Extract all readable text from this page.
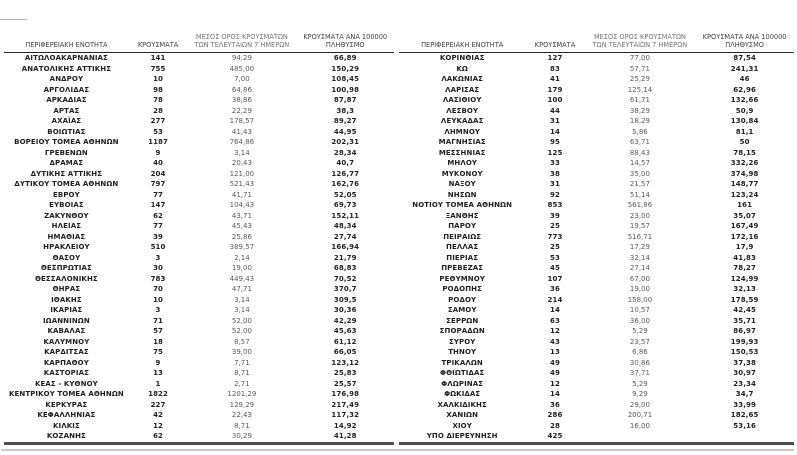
ΠΕΡΙΦΕΡΕΙΑΚΗ ΕΝΟΤΗΤΑ	ΚΡΟΥΣΜΑΤΑ	
ΜΕΣΟΣ ΟΡΟΣ ΚΡΟΥΣΜΑΤΩΝ
ΤΩΝ ΤΕΛΕΥΤΑΙΩΝ 7 ΗΜΕΡΩΝ

ΚΡΟΥΣΜΑΤΑ ΑΝΑ 100000
ΠΛΗΘΥΣΜΟ

ΑΙΤΩΛΟΑΚΑΡΝΑΝΙΑΣ	141	94,29	66,89
ΑΝΑΤΟΛΙΚΗΣ ΑΤΤΙΚΗΣ	755	485,00	150,29
ΑΝΔΡΟΥ	10	7,00	108,45
ΑΡΓΟΛΙΔΑΣ	98	64,86	100,98
ΑΡΚΑΔΙΑΣ	78	38,86	87,87
ΑΡΤΑΣ	28	22,29	38,3
ΑΧΑΪΑΣ	277	178,57	89,27
ΒΟΙΩΤΙΑΣ	53	41,43	44,95
ΒΟΡΕΙΟΥ ΤΟΜΕΑ ΑΘΗΝΩΝ	1187	764,86	202,31
ΓΡΕΒΕΝΩΝ	9	3,14	28,34
ΔΡΑΜΑΣ	40	20,43	40,7
ΔΥΤΙΚΗΣ ΑΤΤΙΚΗΣ	204	121,00	126,77
ΔΥΤΙΚΟΥ ΤΟΜΕΑ ΑΘΗΝΩΝ	797	521,43	162,76
ΕΒΡΟΥ	77	41,71	52,05
ΕΥΒΟΙΑΣ	147	104,43	69,73
ΖΑΚΥΝΘΟΥ	62	43,71	152,11
ΗΛΕΙΑΣ	77	45,43	48,34
ΗΜΑΘΙΑΣ	39	25,86	27,74
ΗΡΑΚΛΕΙΟΥ	510	389,57	166,94
ΘΑΣΟΥ	3	2,14	21,79
ΘΕΣΠΡΩΤΙΑΣ	30	19,00	68,83
ΘΕΣΣΑΛΟΝΙΚΗΣ	783	449,43	70,52
ΘΗΡΑΣ	70	47,71	370,7
ΙΘΑΚΗΣ	10	3,14	309,5
ΙΚΑΡΙΑΣ	3	3,14	30,36
ΙΩΑΝΝΙΝΩΝ	71	52,00	42,29
ΚΑΒΑΛΑΣ	57	52,00	45,63
ΚΑΛΥΜΝΟΥ	18	8,57	61,12
ΚΑΡΔΙΤΣΑΣ	75	39,00	66,05
ΚΑΡΠΑΘΟΥ	9	7,71	123,12
ΚΑΣΤΟΡΙΑΣ	13	8,71	25,83
ΚΕΑΣ - ΚΥΘΝΟΥ	1	2,71	25,57
ΚΕΝΤΡΙΚΟΥ ΤΟΜΕΑ ΑΘΗΝΩΝ	1822	1201,29	176,98
ΚΕΡΚΥΡΑΣ	227	129,29	217,49
ΚΕΦΑΛΛΗΝΙΑΣ	42	22,43	117,32
ΚΙΛΚΙΣ	12	8,71	14,92
ΚΟΖΑΝΗΣ	62	30,29	41,28
ΠΕΡΙΦΕΡΕΙΑΚΗ ΕΝΟΤΗΤΑ	ΚΡΟΥΣΜΑΤΑ	
ΜΕΣΟΣ ΟΡΟΣ ΚΡΟΥΣΜΑΤΩΝ
ΤΩΝ ΤΕΛΕΥΤΑΙΩΝ 7 ΗΜΕΡΩΝ

ΚΡΟΥΣΜΑΤΑ ΑΝΑ 100000
ΠΛΗΘΥΣΜΟ

ΚΟΡΙΝΘΙΑΣ	127	77,00	87,54
ΚΩ	83	57,71	241,31
ΛΑΚΩΝΙΑΣ	41	25,29	46
ΛΑΡΙΣΑΣ	179	125,14	62,96
ΛΑΣΙΘΙΟΥ	100	61,71	132,66
ΛΕΣΒΟΥ	44	38,29	50,9
ΛΕΥΚΑΔΑΣ	31	18,29	130,84
ΛΗΜΝΟΥ	14	5,86	81,1
ΜΑΓΝΗΣΙΑΣ	95	63,71	50
ΜΕΣΣΗΝΙΑΣ	125	88,43	78,15
ΜΗΛΟΥ	33	14,57	332,26
ΜΥΚΟΝΟΥ	38	35,00	374,98
ΝΑΞΟΥ	31	21,57	148,77
ΝΗΣΩΝ	92	51,14	123,24
ΝΟΤΙΟΥ ΤΟΜΕΑ ΑΘΗΝΩΝ	853	561,86	161
ΞΑΝΘΗΣ	39	23,00	35,07
ΠΑΡΟΥ	25	19,57	167,49
ΠΕΙΡΑΙΩΣ	773	516,71	172,16
ΠΕΛΛΑΣ	25	17,29	17,9
ΠΙΕΡΙΑΣ	53	32,14	41,83
ΠΡΕΒΕΖΑΣ	45	27,14	78,27
ΡΕΘΥΜΝΟΥ	107	67,00	124,99
ΡΟΔΟΠΗΣ	36	19,00	32,13
ΡΟΔΟΥ	214	158,00	178,59
ΣΑΜΟΥ	14	10,57	42,45
ΣΕΡΡΩΝ	63	36,00	35,71
ΣΠΟΡΑΔΩΝ	12	5,29	86,97
ΣΥΡΟΥ	43	23,57	199,93
ΤΗΝΟΥ	13	6,86	150,53
ΤΡΙΚΑΛΩΝ	49	30,86	37,38
ΦΘΙΩΤΙΔΑΣ	49	37,71	30,97
ΦΛΩΡΙΝΑΣ	12	5,29	23,34
ΦΩΚΙΔΑΣ	14	9,29	34,7
ΧΑΛΚΙΔΙΚΗΣ	36	29,00	33,99
ΧΑΝΙΩΝ	286	200,71	182,65
ΧΙΟΥ	28	16,00	53,16
ΥΠΟ ΔΙΕΡΕΥΝΗΣΗ	425		
